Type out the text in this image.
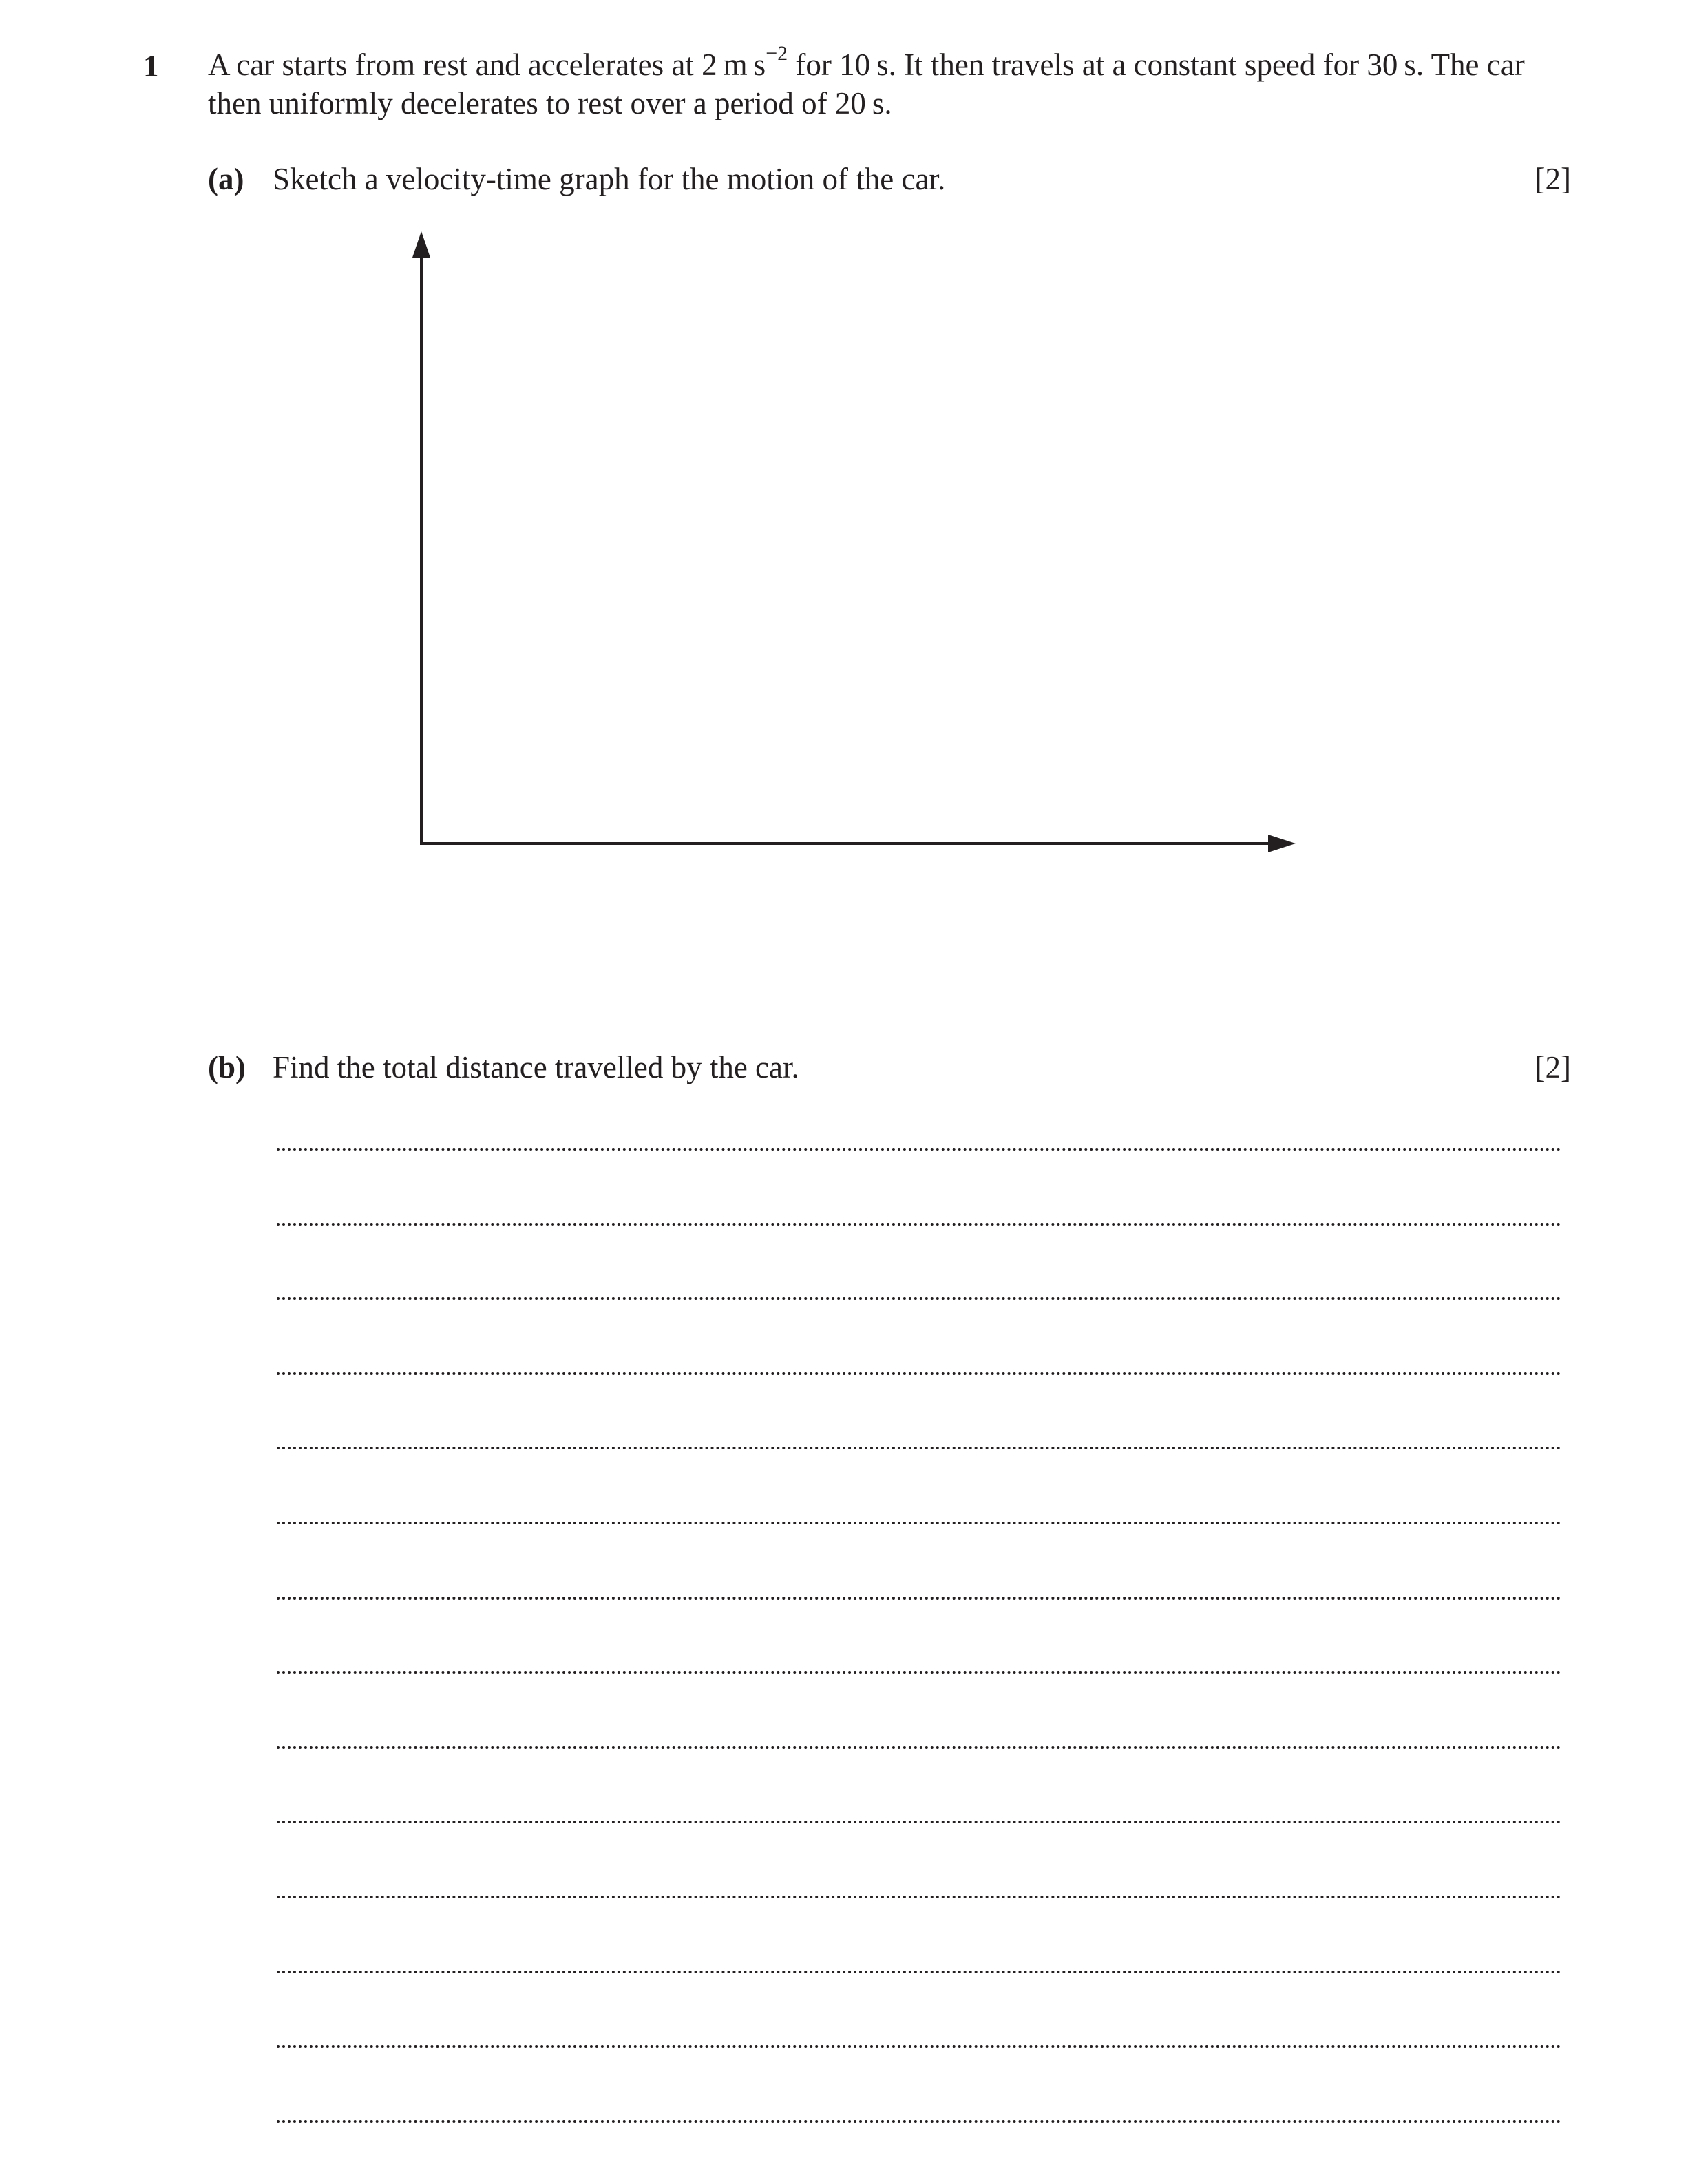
1 A car starts from rest and accelerates at 2 m $s^{-2}$ for 10 s. It then travels at a constant speed for 30 s. The car then uniformly decelerates to rest over a period of 20 s.
(a) Sketch a velocity-time graph for the motion of the car.	[2]
(b) Find the total distance travelled by the car.	[2]
